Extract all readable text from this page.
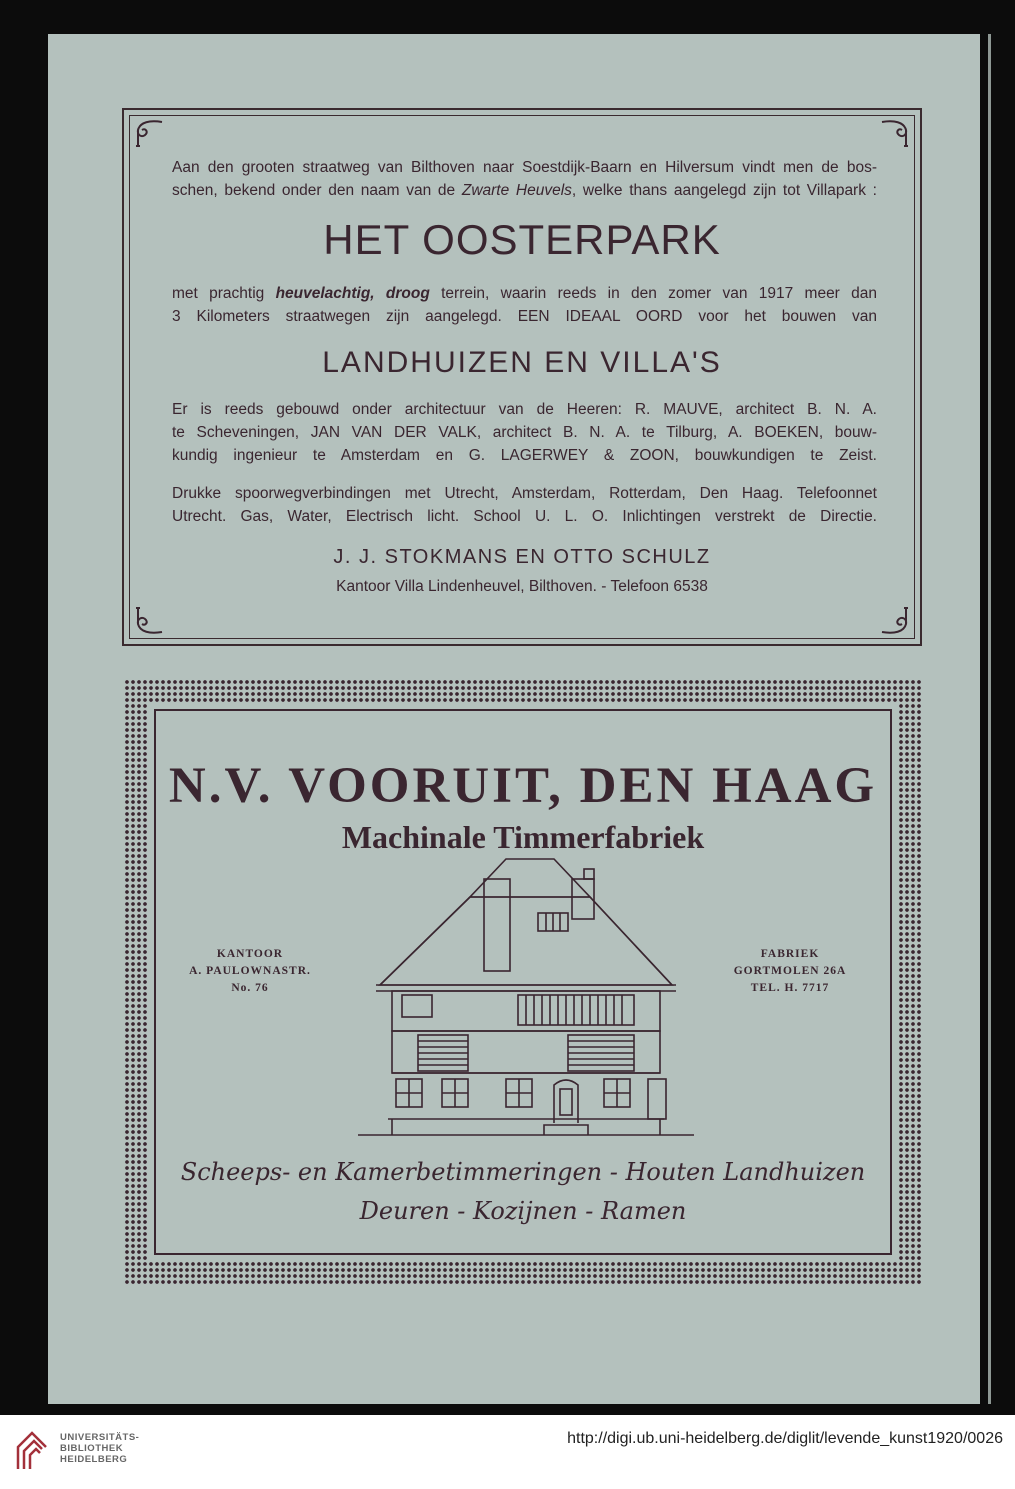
Aan den grooten straatweg van Bilthoven naar Soestdijk-Baarn en Hilversum vindt men de bos-
schen, bekend onder den naam van de Zwarte Heuvels, welke thans aangelegd zijn tot Villapark :
HET OOSTERPARK
met prachtig heuvelachtig, droog terrein, waarin reeds in den zomer van 1917 meer dan
3 Kilometers straatwegen zijn aangelegd. EEN IDEAAL OORD voor het bouwen van
LANDHUIZEN EN VILLA'S
Er is reeds gebouwd onder architectuur van de Heeren: R. MAUVE, architect B. N. A.
te Scheveningen, JAN VAN DER VALK, architect B. N. A. te Tilburg, A. BOEKEN, bouw-
kundig ingenieur te Amsterdam en G. LAGERWEY & ZOON, bouwkundigen te Zeist.
Drukke spoorwegverbindingen met Utrecht, Amsterdam, Rotterdam, Den Haag. Telefoonnet
Utrecht. Gas, Water, Electrisch licht. School U. L. O. Inlichtingen verstrekt de Directie.
J. J. STOKMANS EN OTTO SCHULZ
Kantoor Villa Lindenheuvel, Bilthoven. - Telefoon 6538
N.V. VOORUIT, DEN HAAG
Machinale Timmerfabriek
KANTOOR
A. PAULOWNASTR.
No. 76
FABRIEK
GORTMOLEN 26A
TEL. H. 7717
Scheeps- en Kamerbetimmeringen - Houten Landhuizen
Deuren - Kozijnen - Ramen
UNIVERSITÄTS-
BIBLIOTHEK
HEIDELBERG
http://digi.ub.uni-heidelberg.de/diglit/levende_kunst1920/0026
